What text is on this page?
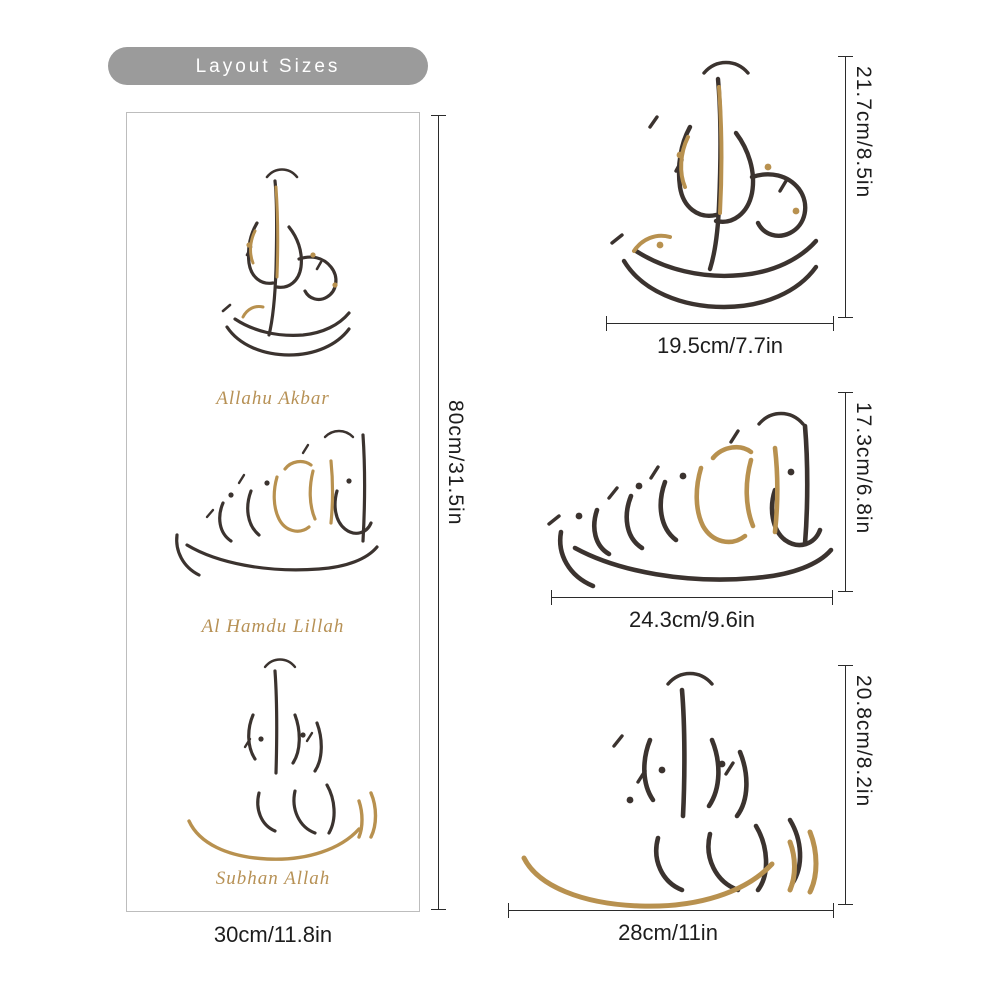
Layout Sizes
Allahu Akbar
Al Hamdu Lillah
Subhan Allah
80cm/31.5in
30cm/11.8in
21.7cm/8.5in
19.5cm/7.7in
17.3cm/6.8in
24.3cm/9.6in
20.8cm/8.2in
28cm/11in
